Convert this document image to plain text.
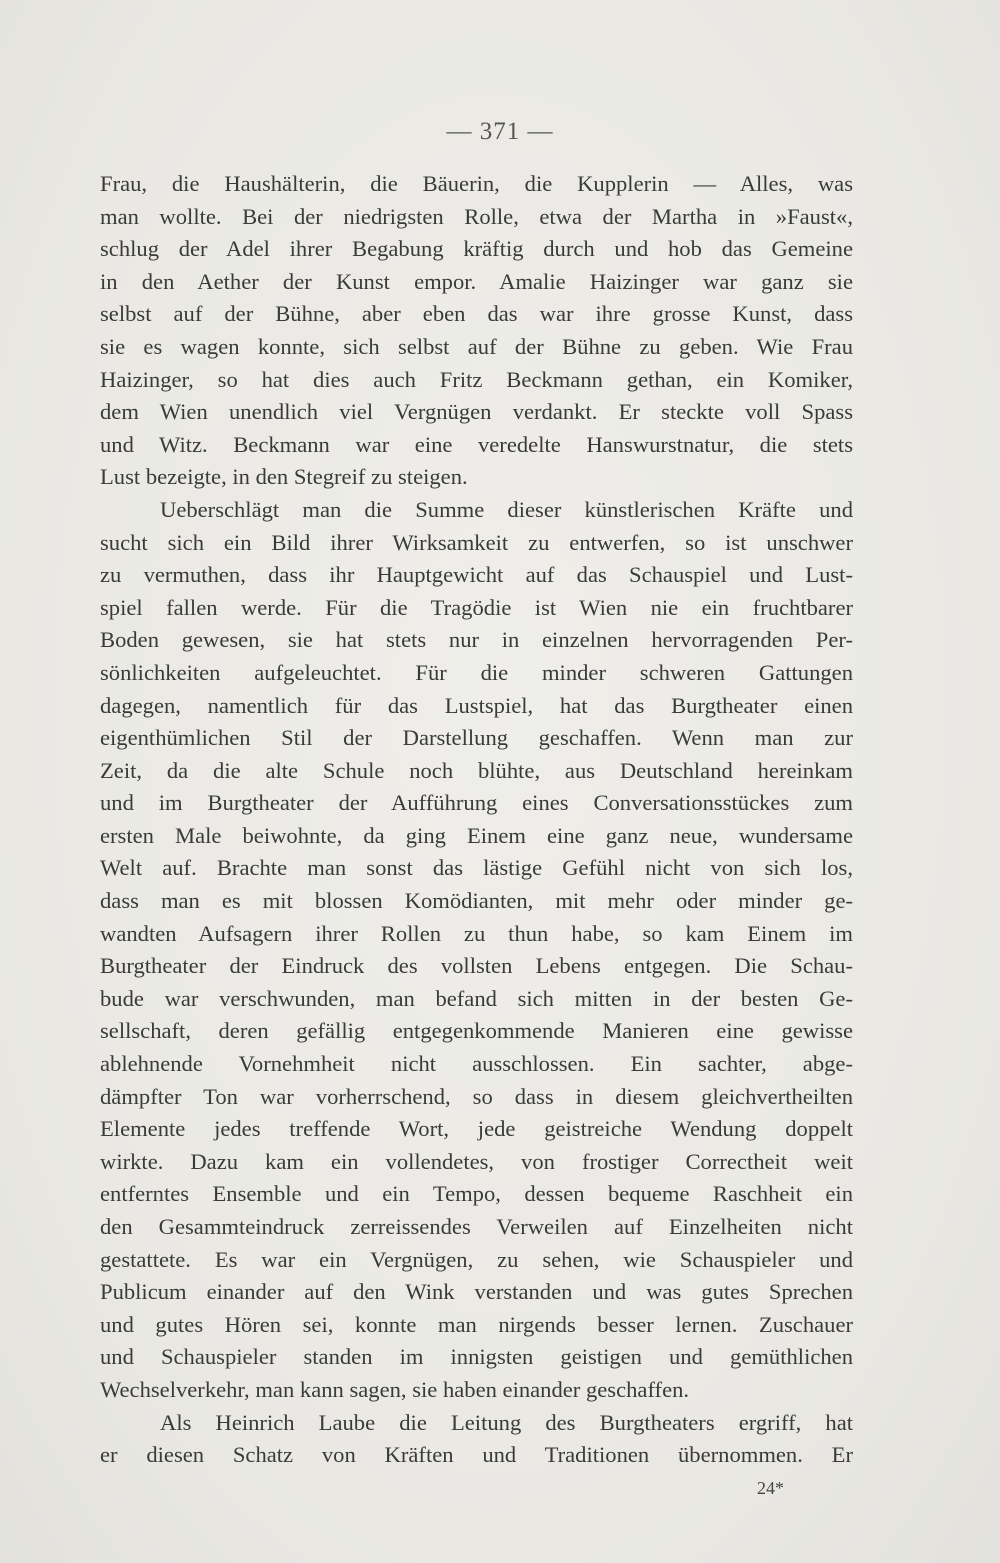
— 371 —
Frau, die Haushälterin, die Bäuerin, die Kupplerin — Alles, was
man wollte. Bei der niedrigsten Rolle, etwa der Martha in »Faust«,
schlug der Adel ihrer Begabung kräftig durch und hob das Gemeine
in den Aether der Kunst empor. Amalie Haizinger war ganz sie
selbst auf der Bühne, aber eben das war ihre grosse Kunst, dass
sie es wagen konnte, sich selbst auf der Bühne zu geben. Wie Frau
Haizinger, so hat dies auch Fritz Beckmann gethan, ein Komiker,
dem Wien unendlich viel Vergnügen verdankt. Er steckte voll Spass
und Witz. Beckmann war eine veredelte Hanswurstnatur, die stets
Lust bezeigte, in den Stegreif zu steigen.
Ueberschlägt man die Summe dieser künstlerischen Kräfte und
sucht sich ein Bild ihrer Wirksamkeit zu entwerfen, so ist unschwer
zu vermuthen, dass ihr Hauptgewicht auf das Schauspiel und Lust-
spiel fallen werde. Für die Tragödie ist Wien nie ein fruchtbarer
Boden gewesen, sie hat stets nur in einzelnen hervorragenden Per-
sönlichkeiten aufgeleuchtet. Für die minder schweren Gattungen
dagegen, namentlich für das Lustspiel, hat das Burgtheater einen
eigenthümlichen Stil der Darstellung geschaffen. Wenn man zur
Zeit, da die alte Schule noch blühte, aus Deutschland hereinkam
und im Burgtheater der Aufführung eines Conversationsstückes zum
ersten Male beiwohnte, da ging Einem eine ganz neue, wundersame
Welt auf. Brachte man sonst das lästige Gefühl nicht von sich los,
dass man es mit blossen Komödianten, mit mehr oder minder ge-
wandten Aufsagern ihrer Rollen zu thun habe, so kam Einem im
Burgtheater der Eindruck des vollsten Lebens entgegen. Die Schau-
bude war verschwunden, man befand sich mitten in der besten Ge-
sellschaft, deren gefällig entgegenkommende Manieren eine gewisse
ablehnende Vornehmheit nicht ausschlossen. Ein sachter, abge-
dämpfter Ton war vorherrschend, so dass in diesem gleichvertheilten
Elemente jedes treffende Wort, jede geistreiche Wendung doppelt
wirkte. Dazu kam ein vollendetes, von frostiger Correctheit weit
entferntes Ensemble und ein Tempo, dessen bequeme Raschheit ein
den Gesammteindruck zerreissendes Verweilen auf Einzelheiten nicht
gestattete. Es war ein Vergnügen, zu sehen, wie Schauspieler und
Publicum einander auf den Wink verstanden und was gutes Sprechen
und gutes Hören sei, konnte man nirgends besser lernen. Zuschauer
und Schauspieler standen im innigsten geistigen und gemüthlichen
Wechselverkehr, man kann sagen, sie haben einander geschaffen.
Als Heinrich Laube die Leitung des Burgtheaters ergriff, hat
er diesen Schatz von Kräften und Traditionen übernommen. Er
24*
